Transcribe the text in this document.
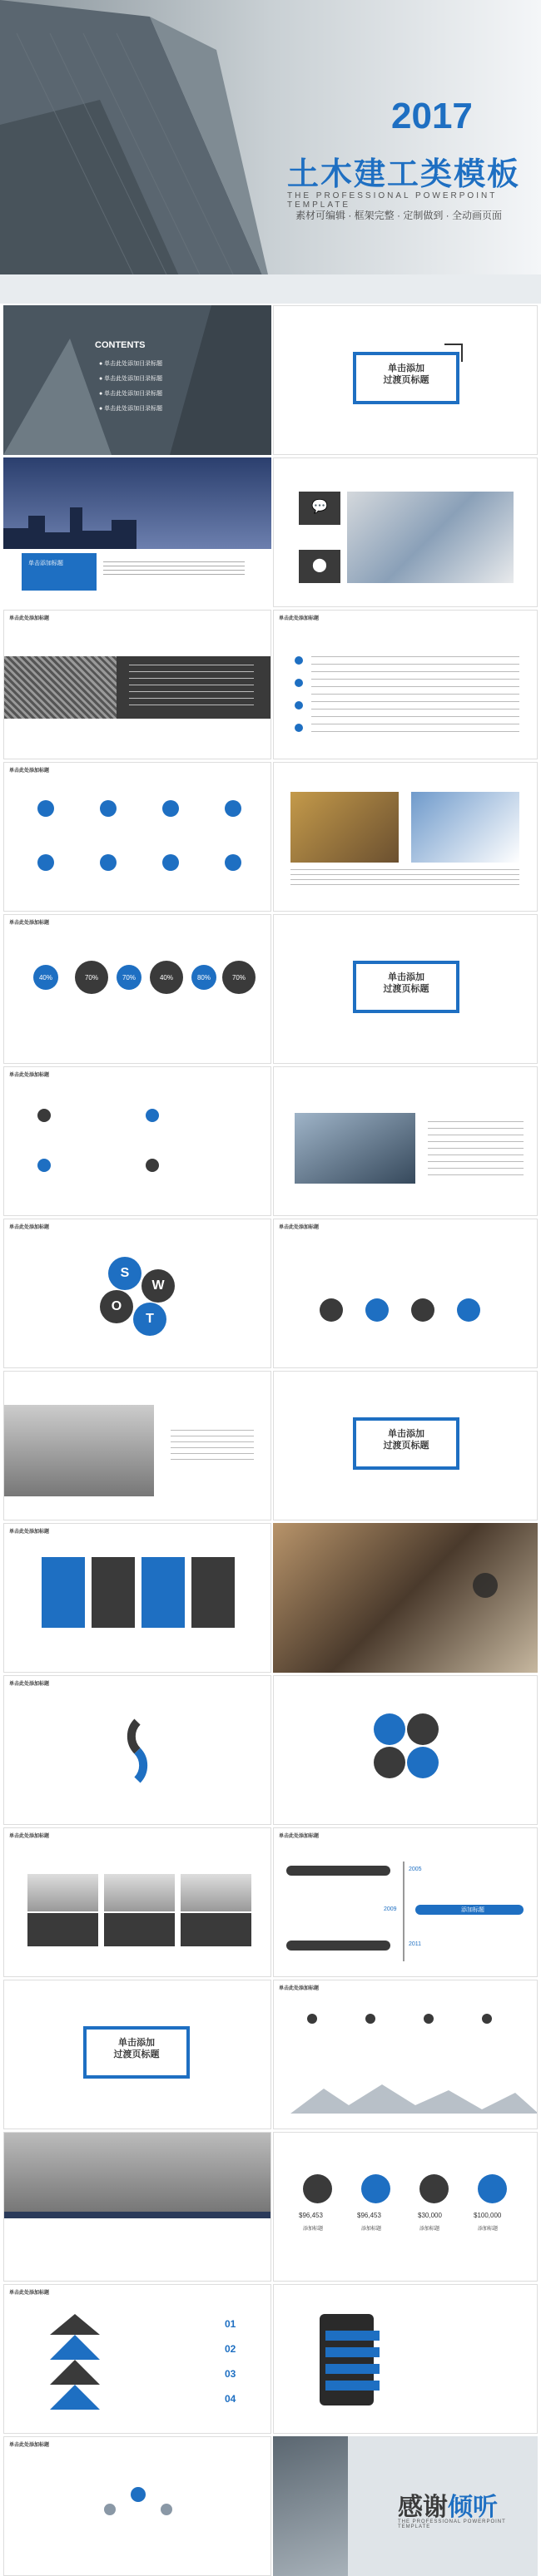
2017
土木建工类模板
THE PROFESSIONAL POWERPOINT TEMPLATE
素材可编辑 · 框架完整 · 定制做到 · 全动画页面
CONTENTS
● 单击此处添加目录标题
● 单击此处添加目录标题
● 单击此处添加目录标题
● 单击此处添加目录标题
单击添加
过渡页标题
单击添加标题
💬
⬤
单击此处添加标题	单击此处添加标题
单击此处添加标题
单击此处添加标题
40%	70%	70%	40%	80%	70%	单击添加
过渡页标题
单击此处添加标题
单击此处添加标题
S
W
O
T
单击此处添加标题
单击添加
过渡页标题
单击此处添加标题
单击此处添加标题
单击此处添加标题	单击此处添加标题
2005
添加标题
2009
2011
单击添加
过渡页标题
单击此处添加标题
$96,453	$96,453	$30,000	$100,000
添加标题	添加标题	添加标题	添加标题
单击此处添加标题
01
02
03
04
单击此处添加标题
感谢倾听
THE PROFESSIONAL POWERPOINT TEMPLATE
